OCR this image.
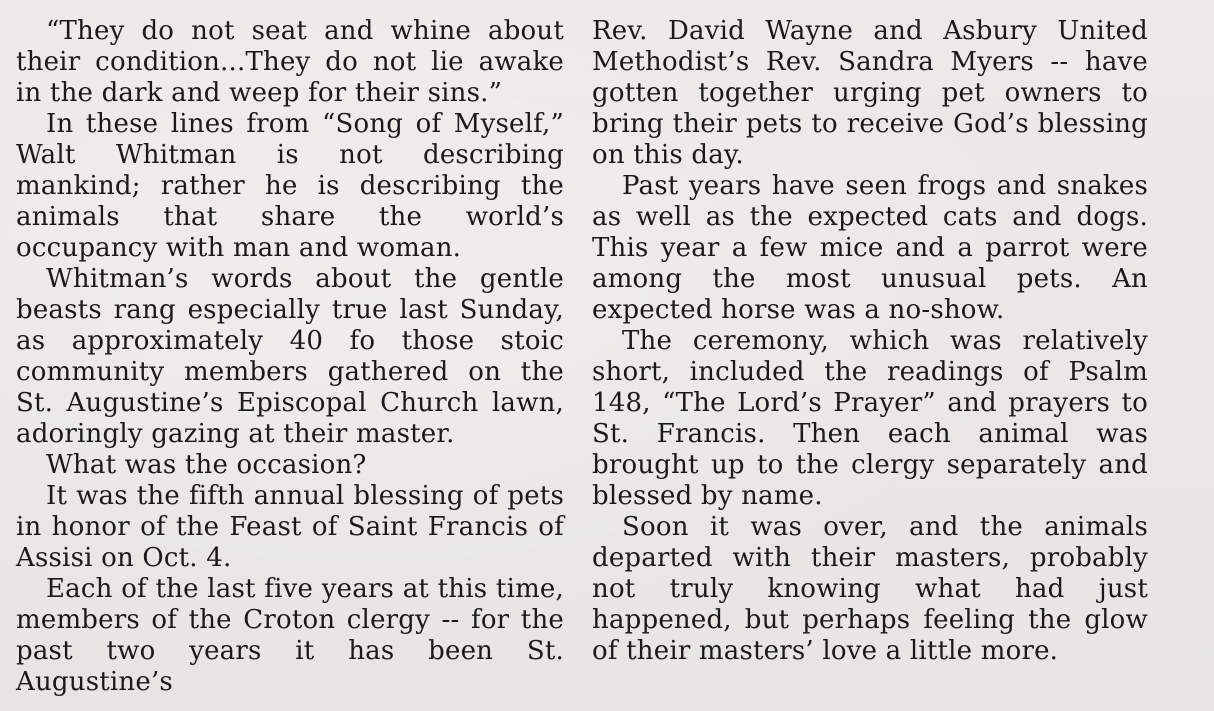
“They do not seat and whine about their condition...They do not lie awake in the dark and weep for their sins.”

In these lines from “Song of Myself,” Walt Whitman is not describing mankind; rather he is describing the animals that share the world’s occupancy with man and woman.

Whitman’s words about the gentle beasts rang especially true last Sunday, as approximately 40 fo those stoic community members gathered on the St. Augustine’s Episcopal Church lawn, adoringly gazing at their master.

What was the occasion?

It was the fifth annual blessing of pets in honor of the Feast of Saint Francis of Assisi on Oct. 4.

Each of the last five years at this time, members of the Croton clergy -- for the past two years it has been St. Augustine’s

Rev. David Wayne and Asbury United Methodist’s Rev. Sandra Myers -- have gotten together urging pet owners to bring their pets to receive God’s blessing on this day.

Past years have seen frogs and snakes as well as the expected cats and dogs. This year a few mice and a parrot were among the most unusual pets. An expected horse was a no-show.

The ceremony, which was relatively short, included the readings of Psalm 148, “The Lord’s Prayer” and prayers to St. Francis. Then each animal was brought up to the clergy separately and blessed by name.

Soon it was over, and the animals departed with their masters, probably not truly knowing what had just happened, but perhaps feeling the glow of their masters’ love a little more.
